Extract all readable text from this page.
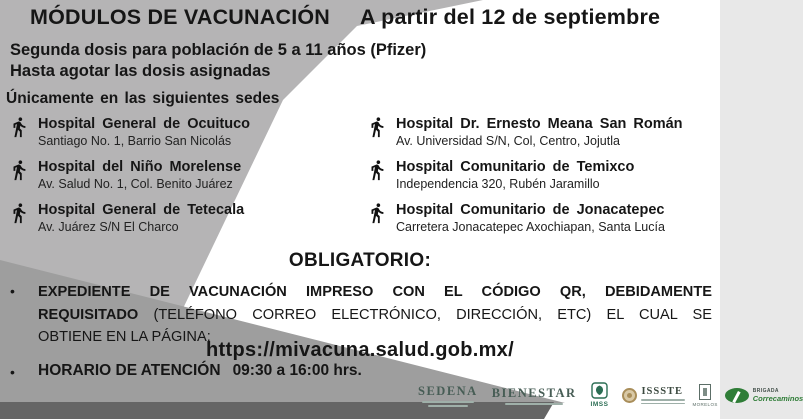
MÓDULOS DE VACUNACIÓN A partir del 12 de septiembre
Segunda dosis para población de 5 a 11 años (Pfizer)
Hasta agotar las dosis asignadas
Únicamente en las siguientes sedes
Hospital General de Ocuituco
Santiago No. 1, Barrio San Nicolás
Hospital del Niño Morelense
Av. Salud No. 1, Col. Benito Juárez
Hospital General de Tetecala
Av. Juárez S/N El Charco
Hospital Dr. Ernesto Meana San Román
Av. Universidad S/N, Col, Centro, Jojutla
Hospital Comunitario de Temixco
Independencia 320, Rubén Jaramillo
Hospital Comunitario de Jonacatepec
Carretera Jonacatepec Axochiapan, Santa Lucía
OBLIGATORIO:
•	EXPEDIENTE DE VACUNACIÓN IMPRESO CON EL CÓDIGO QR, DEBIDAMENTE
REQUISITADO (TELÉFONO CORREO ELECTRÓNICO, DIRECCIÓN, ETC) EL CUAL SE
OBTIENE EN LA PÁGINA:
https://mivacuna.salud.gob.mx/
•	HORARIO DE ATENCIÓN 09:30 a 16:00 hrs.
SEDENA BIENESTAR
IMSS
ISSSTE
MORELOS
BRIGADA
Correcaminos
